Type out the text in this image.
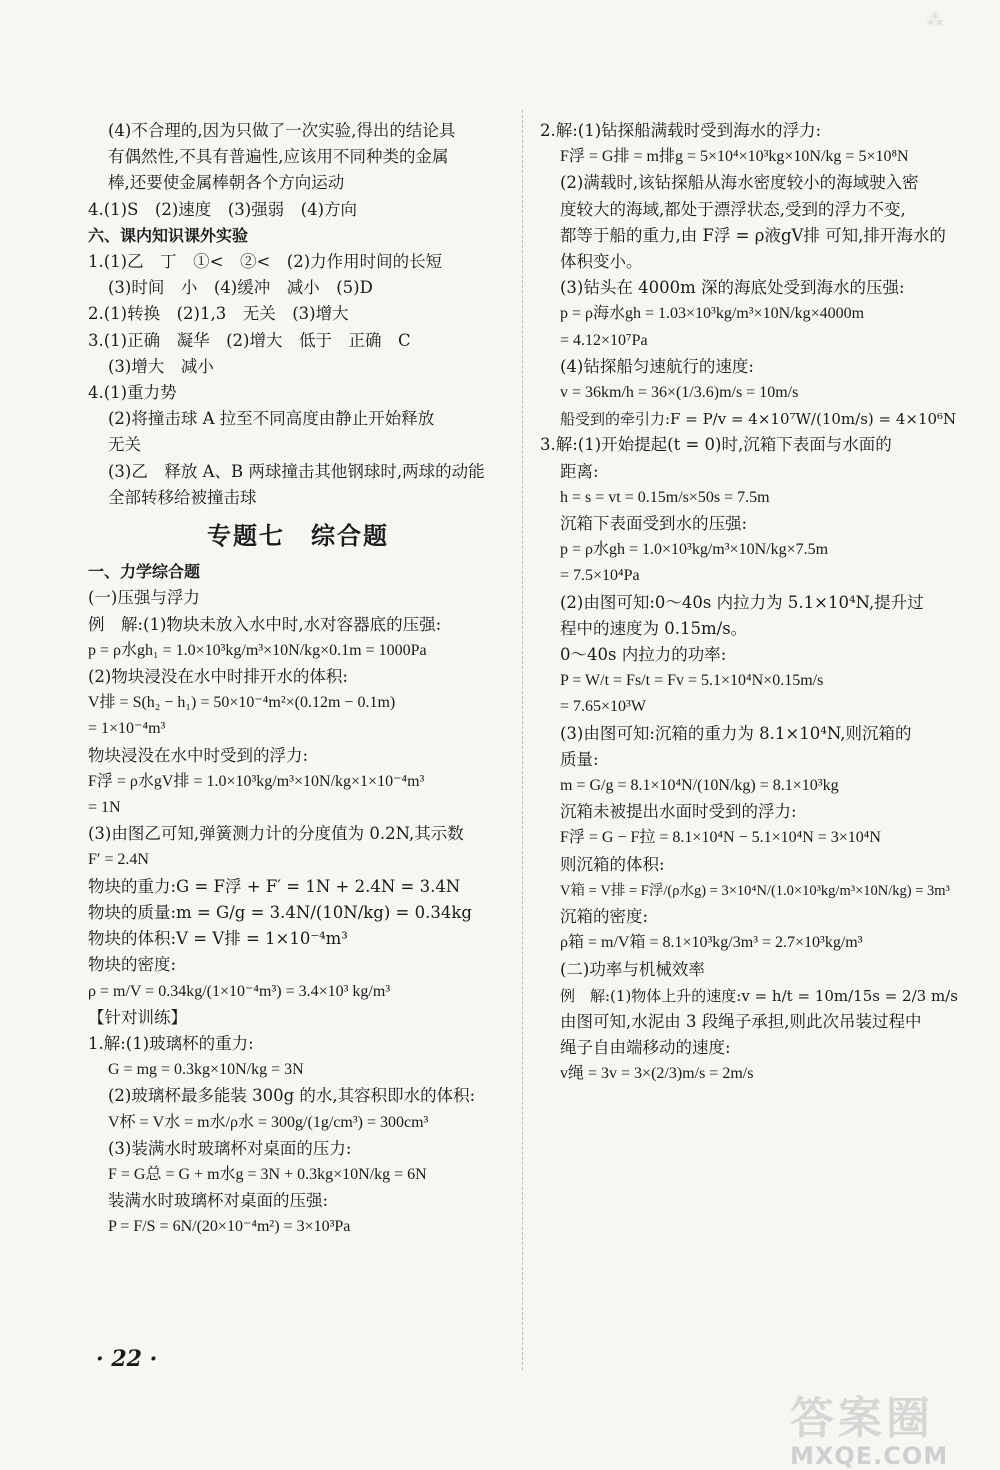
⁂
(4)不合理的,因为只做了一次实验,得出的结论具
有偶然性,不具有普遍性,应该用不同种类的金属
棒,还要使金属棒朝各个方向运动
4.(1)S　(2)速度　(3)强弱　(4)方向
六、课内知识课外实验
1.(1)乙　丁　①<　②<　(2)力作用时间的长短
(3)时间　小　(4)缓冲　减小　(5)D
2.(1)转换　(2)1,3　无关　(3)增大
3.(1)正确　凝华　(2)增大　低于　正确　C
(3)增大　减小
4.(1)重力势
(2)将撞击球 A 拉至不同高度由静止开始释放
无关
(3)乙　释放 A、B 两球撞击其他钢球时,两球的动能
全部转移给被撞击球
专题七　综合题
一、力学综合题
(一)压强与浮力
例　解:(1)物块未放入水中时,水对容器底的压强:
p = ρ水gh₁ = 1.0×10³kg/m³×10N/kg×0.1m = 1000Pa
(2)物块浸没在水中时排开水的体积:
V排 = S(h₂ − h₁) = 50×10⁻⁴m²×(0.12m − 0.1m)
= 1×10⁻⁴m³
物块浸没在水中时受到的浮力:
F浮 = ρ水gV排 = 1.0×10³kg/m³×10N/kg×1×10⁻⁴m³
= 1N
(3)由图乙可知,弹簧测力计的分度值为 0.2N,其示数
F′ = 2.4N
物块的重力:G = F浮 + F′ = 1N + 2.4N = 3.4N
物块的质量:m = G/g = 3.4N/(10N/kg) = 0.34kg
物块的体积:V = V排 = 1×10⁻⁴m³
物块的密度:
ρ = m/V = 0.34kg/(1×10⁻⁴m³) = 3.4×10³ kg/m³
【针对训练】
1.解:(1)玻璃杯的重力:
G = mg = 0.3kg×10N/kg = 3N
(2)玻璃杯最多能装 300g 的水,其容积即水的体积:
V杯 = V水 = m水/ρ水 = 300g/(1g/cm³) = 300cm³
(3)装满水时玻璃杯对桌面的压力:
F = G总 = G + m水g = 3N + 0.3kg×10N/kg = 6N
装满水时玻璃杯对桌面的压强:
P = F/S = 6N/(20×10⁻⁴m²) = 3×10³Pa
2.解:(1)钻探船满载时受到海水的浮力:
F浮 = G排 = m排g = 5×10⁴×10³kg×10N/kg = 5×10⁸N
(2)满载时,该钻探船从海水密度较小的海域驶入密
度较大的海域,都处于漂浮状态,受到的浮力不变,
都等于船的重力,由 F浮 = ρ液gV排 可知,排开海水的
体积变小。
(3)钻头在 4000m 深的海底处受到海水的压强:
p = ρ海水gh = 1.03×10³kg/m³×10N/kg×4000m
= 4.12×10⁷Pa
(4)钻探船匀速航行的速度:
v = 36km/h = 36×(1/3.6)m/s = 10m/s
船受到的牵引力:F = P/v = 4×10⁷W/(10m/s) = 4×10⁶N
3.解:(1)开始提起(t = 0)时,沉箱下表面与水面的
距离:
h = s = vt = 0.15m/s×50s = 7.5m
沉箱下表面受到水的压强:
p = ρ水gh = 1.0×10³kg/m³×10N/kg×7.5m
= 7.5×10⁴Pa
(2)由图可知:0～40s 内拉力为 5.1×10⁴N,提升过
程中的速度为 0.15m/s。
0～40s 内拉力的功率:
P = W/t = Fs/t = Fv = 5.1×10⁴N×0.15m/s
= 7.65×10³W
(3)由图可知:沉箱的重力为 8.1×10⁴N,则沉箱的
质量:
m = G/g = 8.1×10⁴N/(10N/kg) = 8.1×10³kg
沉箱未被提出水面时受到的浮力:
F浮 = G − F拉 = 8.1×10⁴N − 5.1×10⁴N = 3×10⁴N
则沉箱的体积:
V箱 = V排 = F浮/(ρ水g) = 3×10⁴N/(1.0×10³kg/m³×10N/kg) = 3m³
沉箱的密度:
ρ箱 = m/V箱 = 8.1×10³kg/3m³ = 2.7×10³kg/m³
(二)功率与机械效率
例　解:(1)物体上升的速度:v = h/t = 10m/15s = 2/3 m/s
由图可知,水泥由 3 段绳子承担,则此次吊装过程中
绳子自由端移动的速度:
v绳 = 3v = 3×(2/3)m/s = 2m/s
· 22 ·
答案圈
MXQE.COM
